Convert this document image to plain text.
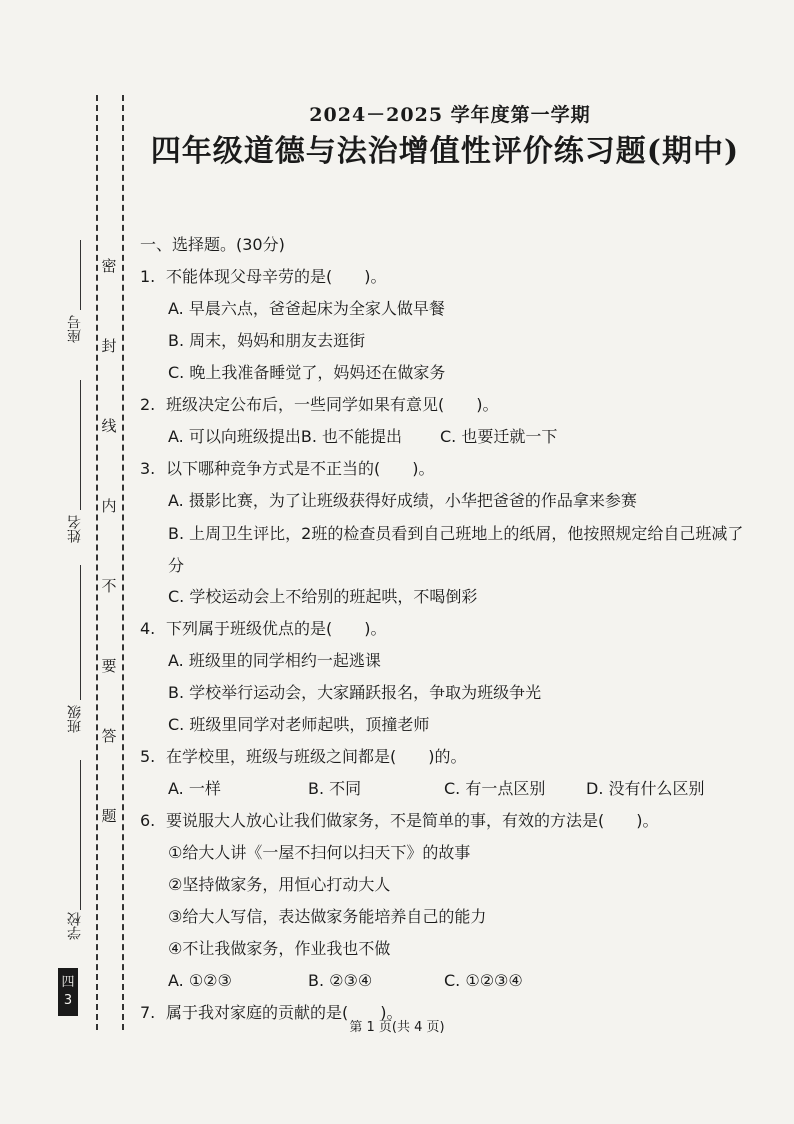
座号
姓名
班级
学校
密
封
线
内
不
要
答
题
四
3
2024－2025 学年度第一学期
四年级道德与法治增值性评价练习题(期中)
一、选择题。(30分)
1. 不能体现父母辛劳的是(　　)。
A. 早晨六点，爸爸起床为全家人做早餐
B. 周末，妈妈和朋友去逛街
C. 晚上我准备睡觉了，妈妈还在做家务
2. 班级决定公布后，一些同学如果有意见(　　)。
A. 可以向班级提出B. 也不能提出	C. 也要迁就一下
3. 以下哪种竞争方式是不正当的(　　)。
A. 摄影比赛，为了让班级获得好成绩，小华把爸爸的作品拿来参赛
B. 上周卫生评比，2班的检查员看到自己班地上的纸屑，他按照规定给自己班减了分
C. 学校运动会上不给别的班起哄，不喝倒彩
4. 下列属于班级优点的是(　　)。
A. 班级里的同学相约一起逃课
B. 学校举行运动会，大家踊跃报名，争取为班级争光
C. 班级里同学对老师起哄，顶撞老师
5. 在学校里，班级与班级之间都是(　　)的。
A. 一样	B. 不同	C. 有一点区别	D. 没有什么区别
6. 要说服大人放心让我们做家务，不是简单的事，有效的方法是(　　)。
①给大人讲《一屋不扫何以扫天下》的故事
②坚持做家务，用恒心打动大人
③给大人写信，表达做家务能培养自己的能力
④不让我做家务，作业我也不做
A. ①②③	B. ②③④	C. ①②③④
7. 属于我对家庭的贡献的是(　　)。
第 1 页(共 4 页)
